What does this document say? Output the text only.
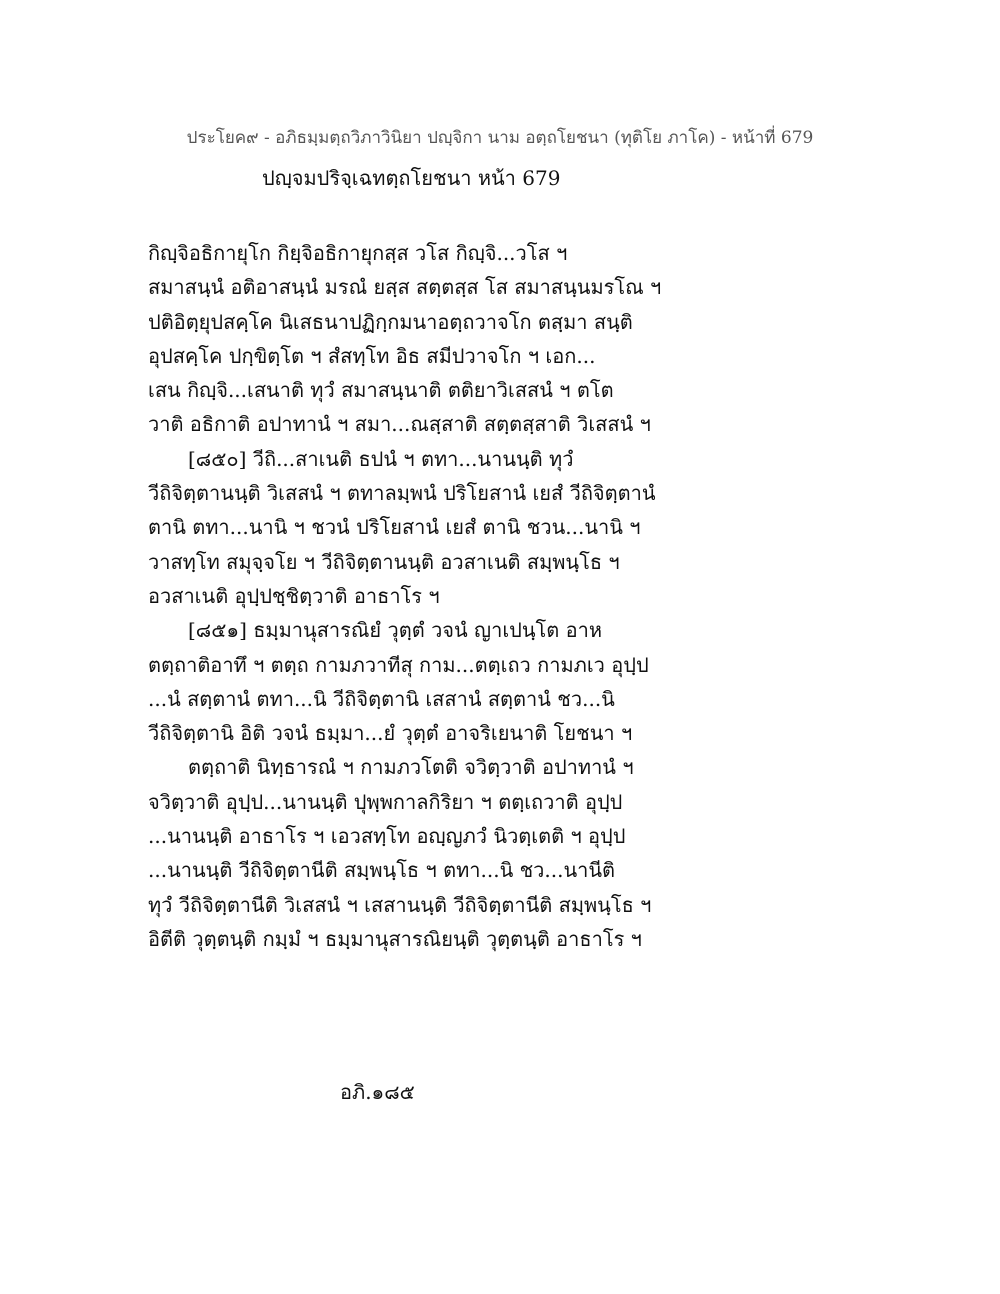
ประโยค๙ - อภิธมฺมตฺถวิภาวินิยา ปญฺจิกา นาม อตฺถโยชนา (ทุติโย ภาโค) - หน้าที่ 679
ปญฺจมปริจฺเฉทตฺถโยชนา หน้า 679
กิญฺจิอธิกายุโก กิยฺจิอธิกายุกสฺส วโส กิญฺจิ...วโส ฯ
สมาสนฺนํ อติอาสนฺนํ มรณํ ยสฺส สตฺตสฺส โส สมาสนฺนมรโณ ฯ
ปติอิตฺยุปสคฺโค นิเสธนาปฏิกฺกมนาอตฺถวาจโก ตสฺมา สนฺติ
อุปสคฺโค ปกฺขิตฺโต ฯ สํสทฺโท อิธ สมีปวาจโก ฯ เอก...
เสน กิญฺจิ...เสนาติ ทุวํ สมาสนฺนาติ ตติยาวิเสสนํ ฯ ตโต
วาติ อธิกาติ อปาทานํ ฯ สมา...ณสฺสาติ สตฺตสฺสาติ วิเสสนํ ฯ
[๘๕๐] วีถิ...สาเนติ ธปนํ ฯ ตทา...นานนฺติ ทุวํ
วีถิจิตฺตานนฺติ วิเสสนํ ฯ ตทาลมฺพนํ ปริโยสานํ เยสํ วีถิจิตฺตานํ
ตานิ ตทา...นานิ ฯ ชวนํ ปริโยสานํ เยสํ ตานิ ชวน...นานิ ฯ
วาสทฺโท สมุจฺจโย ฯ วีถิจิตฺตานนฺติ อวสาเนติ สมฺพนฺโธ ฯ
อวสาเนติ อุปฺปชฺชิตฺวาติ อาธาโร ฯ
[๘๕๑] ธมฺมานุสารณิยํ วุตฺตํ วจนํ ญาเปนฺโต อาห
ตตฺถาติอาทึ ฯ ตตฺถ กามภวาทีสุ กาม...ตตฺเถว กามภเว อุปฺป
...นํ สตฺตานํ ตทา...นิ วีถิจิตฺตานิ เสสานํ สตฺตานํ ชว...นิ
วีถิจิตฺตานิ อิติ วจนํ ธมฺมา...ยํ วุตฺตํ อาจริเยนาติ โยชนา ฯ
ตตฺถาติ นิทฺธารณํ ฯ กามภวโตติ จวิตฺวาติ อปาทานํ ฯ
จวิตฺวาติ อุปฺป...นานนฺติ ปุพฺพกาลกิริยา ฯ ตตฺเถวาติ อุปฺป
...นานนฺติ อาธาโร ฯ เอวสทฺโท อญฺญภวํ นิวตฺเตติ ฯ อุปฺป
...นานนฺติ วีถิจิตฺตานีติ สมฺพนฺโธ ฯ ตทา...นิ ชว...นานีติ
ทุวํ วีถิจิตฺตานีติ วิเสสนํ ฯ เสสานนฺติ วีถิจิตฺตานีติ สมฺพนฺโธ ฯ
อิตีติ วุตฺตนฺติ กมฺมํ ฯ ธมฺมานุสารณิยนฺติ วุตฺตนฺติ อาธาโร ฯ
อภิ.๑๘๕
